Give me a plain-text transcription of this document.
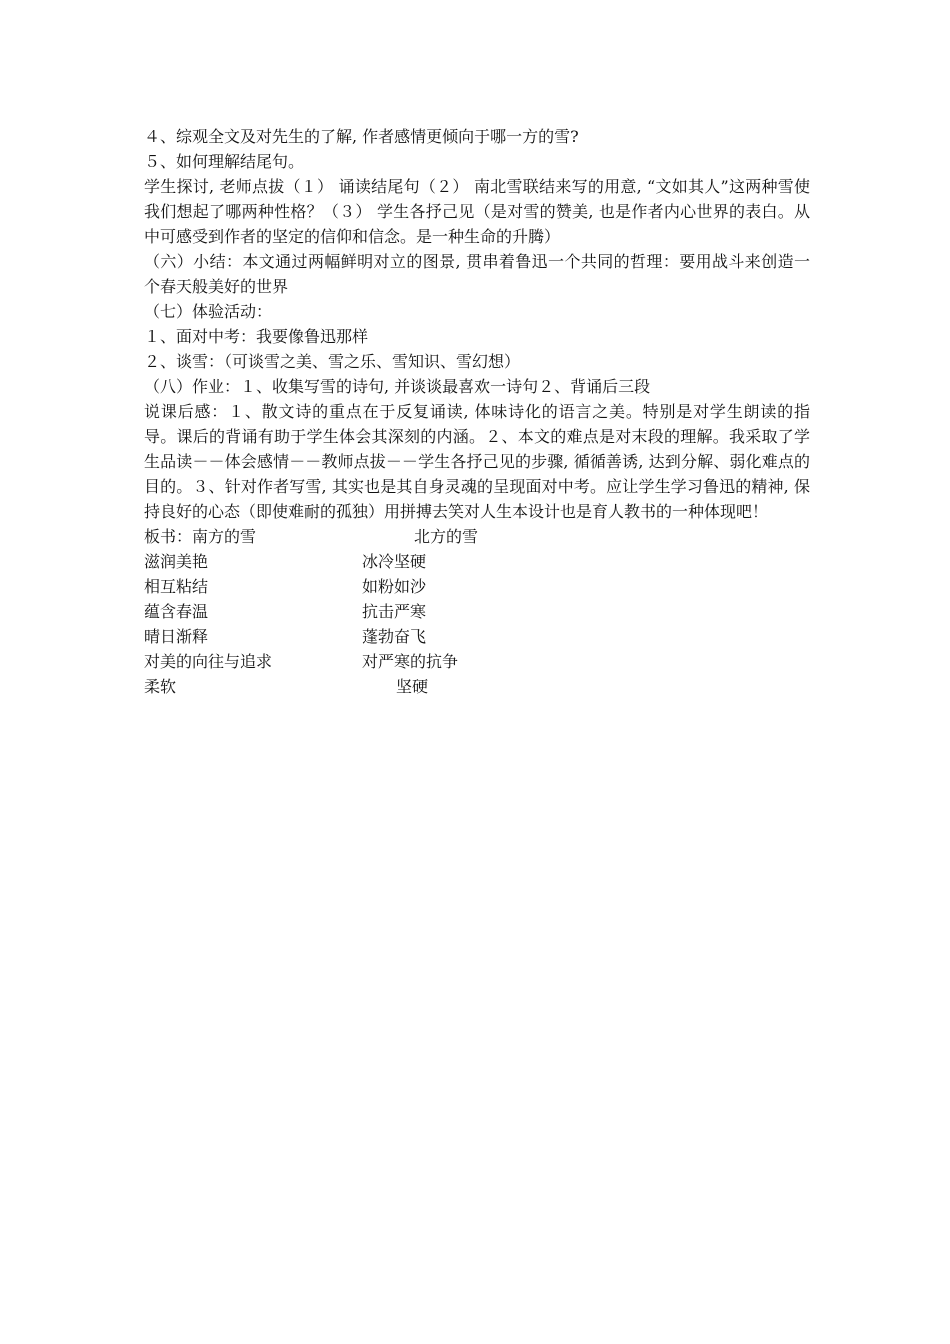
４、综观全文及对先生的了解, 作者感情更倾向于哪一方的雪?
５、如何理解结尾句。
学生探讨, 老师点拔（１） 诵读结尾句（２） 南北雪联结来写的用意, “文如其人”这两种雪使我们想起了哪两种性格？（３） 学生各抒己见（是对雪的赞美, 也是作者内心世界的表白。从中可感受到作者的坚定的信仰和信念。是一种生命的升腾）
（六）小结：本文通过两幅鲜明对立的图景, 贯串着鲁迅一个共同的哲理：要用战斗来创造一个春天般美好的世界
（七）体验活动：
１、面对中考：我要像鲁迅那样
２、谈雪：（可谈雪之美、雪之乐、雪知识、雪幻想）
（八）作业：１、收集写雪的诗句, 并谈谈最喜欢一诗句２、背诵后三段
说课后感：１、散文诗的重点在于反复诵读, 体味诗化的语言之美。特别是对学生朗读的指导。课后的背诵有助于学生体会其深刻的内涵。２、本文的难点是对末段的理解。我采取了学生品读－－体会感情－－教师点拔－－学生各抒己见的步骤, 循循善诱, 达到分解、弱化难点的目的。３、针对作者写雪, 其实也是其自身灵魂的呈现面对中考。应让学生学习鲁迅的精神, 保持良好的心态（即使难耐的孤独）用拼搏去笑对人生本设计也是育人教书的一种体现吧！
板书：南方的雪	北方的雪
滋润美艳	冰冷坚硬
相互粘结	如粉如沙
蕴含春温	抗击严寒
晴日渐释	蓬勃奋飞
对美的向往与追求	对严寒的抗争
柔软	坚硬
